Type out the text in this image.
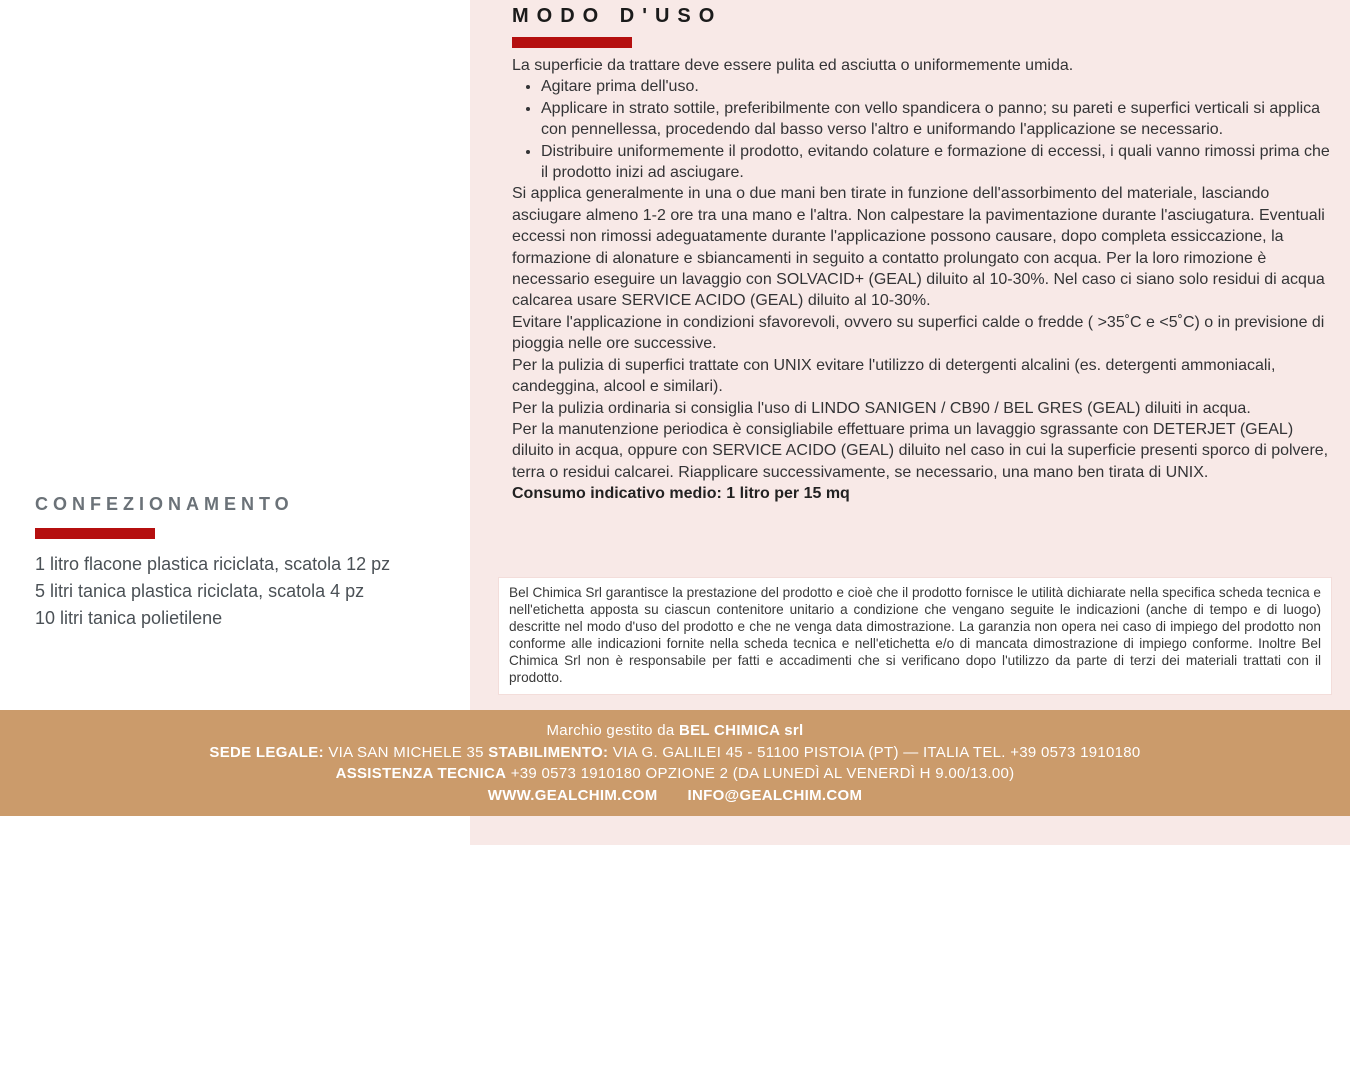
MODO D'USO

La superficie da trattare deve essere pulita ed asciutta o uniformemente umida.

• Agitare prima dell'uso.
• Applicare in strato sottile, preferibilmente con vello spandicera o panno; su pareti e superfici verticali si applica con pennellessa, procedendo dal basso verso l'altro e uniformando l'applicazione se necessario.
• Distribuire uniformemente il prodotto, evitando colature e formazione di eccessi, i quali vanno rimossi prima che il prodotto inizi ad asciugare.

Si applica generalmente in una o due mani ben tirate in funzione dell'assorbimento del materiale, lasciando asciugare almeno 1-2 ore tra una mano e l'altra. Non calpestare la pavimentazione durante l'asciugatura. Eventuali eccessi non rimossi adeguatamente durante l'applicazione possono causare, dopo completa essiccazione, la formazione di alonature e sbiancamenti in seguito a contatto prolungato con acqua. Per la loro rimozione è necessario eseguire un lavaggio con SOLVACID+ (GEAL) diluito al 10-30%. Nel caso ci siano solo residui di acqua calcarea usare SERVICE ACIDO (GEAL) diluito al 10-30%.

Evitare l'applicazione in condizioni sfavorevoli, ovvero su superfici calde o fredde ( >35˚C e <5˚C) o in previsione di pioggia nelle ore successive.

Per la pulizia di superfici trattate con UNIX evitare l'utilizzo di detergenti alcalini (es. detergenti ammoniacali, candeggina, alcool e similari).

Per la pulizia ordinaria si consiglia l'uso di LINDO SANIGEN / CB90 / BEL GRES (GEAL) diluiti in acqua.

Per la manutenzione periodica è consigliabile effettuare prima un lavaggio sgrassante con DETERJET (GEAL) diluito in acqua, oppure con SERVICE ACIDO (GEAL) diluito nel caso in cui la superficie presenti sporco di polvere, terra o residui calcarei. Riapplicare successivamente, se necessario, una mano ben tirata di UNIX.

Consumo indicativo medio: 1 litro per 15 mq

Bel Chimica Srl garantisce la prestazione del prodotto e cioè che il prodotto fornisce le utilità dichiarate nella specifica scheda tecnica e nell'etichetta apposta su ciascun contenitore unitario a condizione che vengano seguite le indicazioni (anche di tempo e di luogo) descritte nel modo d'uso del prodotto e che ne venga data dimostrazione. La garanzia non opera nei caso di impiego del prodotto non conforme alle indicazioni fornite nella scheda tecnica e nell'etichetta e/o di mancata dimostrazione di impiego conforme. Inoltre Bel Chimica Srl non è responsabile per fatti e accadimenti che si verificano dopo l'utilizzo da parte di terzi dei materiali trattati con il prodotto.

CONFEZIONAMENTO
1 litro flacone plastica riciclata, scatola 12 pz
5 litri tanica plastica riciclata, scatola 4 pz
10 litri tanica polietilene
Marchio gestito da BEL CHIMICA srl
SEDE LEGALE: VIA SAN MICHELE 35 STABILIMENTO: VIA G. GALILEI 45 - 51100 PISTOIA (PT) — ITALIA TEL. +39 0573 1910180
ASSISTENZA TECNICA +39 0573 1910180 OPZIONE 2 (DA LUNEDÌ AL VENERDÌ H 9.00/13.00)
WWW.GEALCHIM.COM INFO@GEALCHIM.COM
